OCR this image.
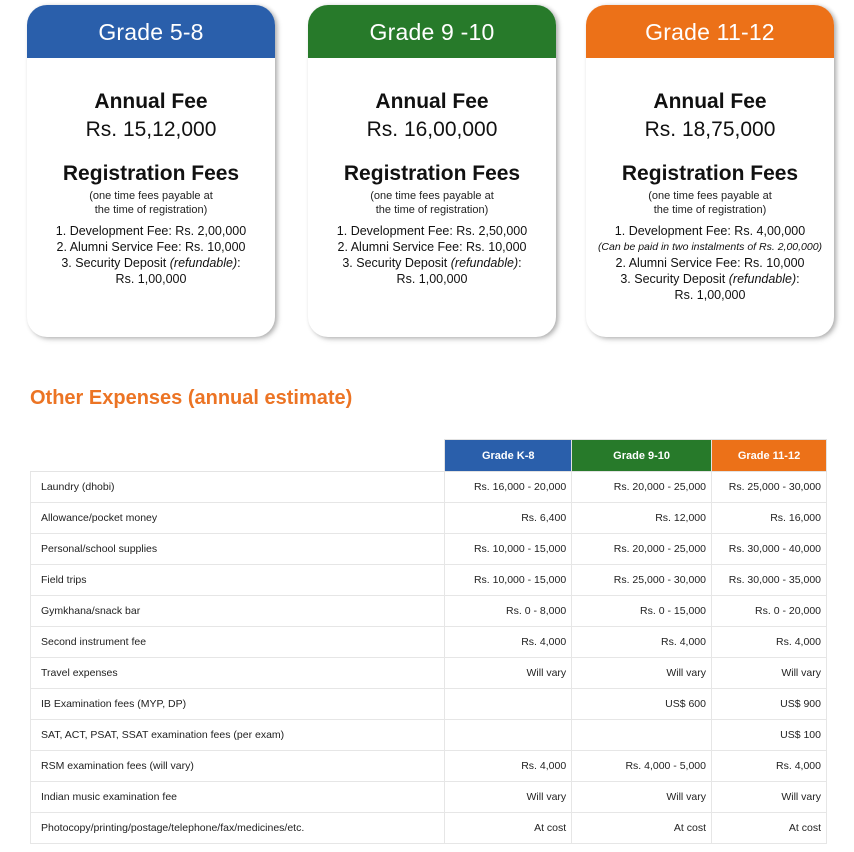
Grade 5-8
Annual Fee
Rs. 15,12,000
Registration Fees
(one time fees payable at
the time of registration)
1. Development Fee: Rs. 2,00,000
2. Alumni Service Fee: Rs. 10,000
3. Security Deposit (refundable):
Rs. 1,00,000
Grade 9 -10
Annual Fee
Rs. 16,00,000
Registration Fees
(one time fees payable at
the time of registration)
1. Development Fee: Rs. 2,50,000
2. Alumni Service Fee: Rs. 10,000
3. Security Deposit (refundable):
Rs. 1,00,000
Grade 11-12
Annual Fee
Rs. 18,75,000
Registration Fees
(one time fees payable at
the time of registration)
1. Development Fee: Rs. 4,00,000
(Can be paid in two instalments of Rs. 2,00,000)
2. Alumni Service Fee: Rs. 10,000
3. Security Deposit (refundable):
Rs. 1,00,000
Other Expenses (annual estimate)
	Grade K-8	Grade 9-10	Grade 11-12
Laundry (dhobi)	Rs. 16,000 - 20,000	Rs. 20,000 - 25,000	Rs. 25,000 - 30,000
Allowance/pocket money	Rs. 6,400	Rs. 12,000	Rs. 16,000
Personal/school supplies	Rs. 10,000 - 15,000	Rs. 20,000 - 25,000	Rs. 30,000 - 40,000
Field trips	Rs. 10,000 - 15,000	Rs. 25,000 - 30,000	Rs. 30,000 - 35,000
Gymkhana/snack bar	Rs. 0 - 8,000	Rs. 0 - 15,000	Rs. 0 - 20,000
Second instrument fee	Rs. 4,000	Rs. 4,000	Rs. 4,000
Travel expenses	Will vary	Will vary	Will vary
IB Examination fees (MYP, DP)		US$ 600	US$ 900
SAT, ACT, PSAT, SSAT examination fees (per exam)			US$ 100
RSM examination fees (will vary)	Rs. 4,000	Rs. 4,000 - 5,000	Rs. 4,000
Indian music examination fee	Will vary	Will vary	Will vary
Photocopy/printing/postage/telephone/fax/medicines/etc.	At cost	At cost	At cost
